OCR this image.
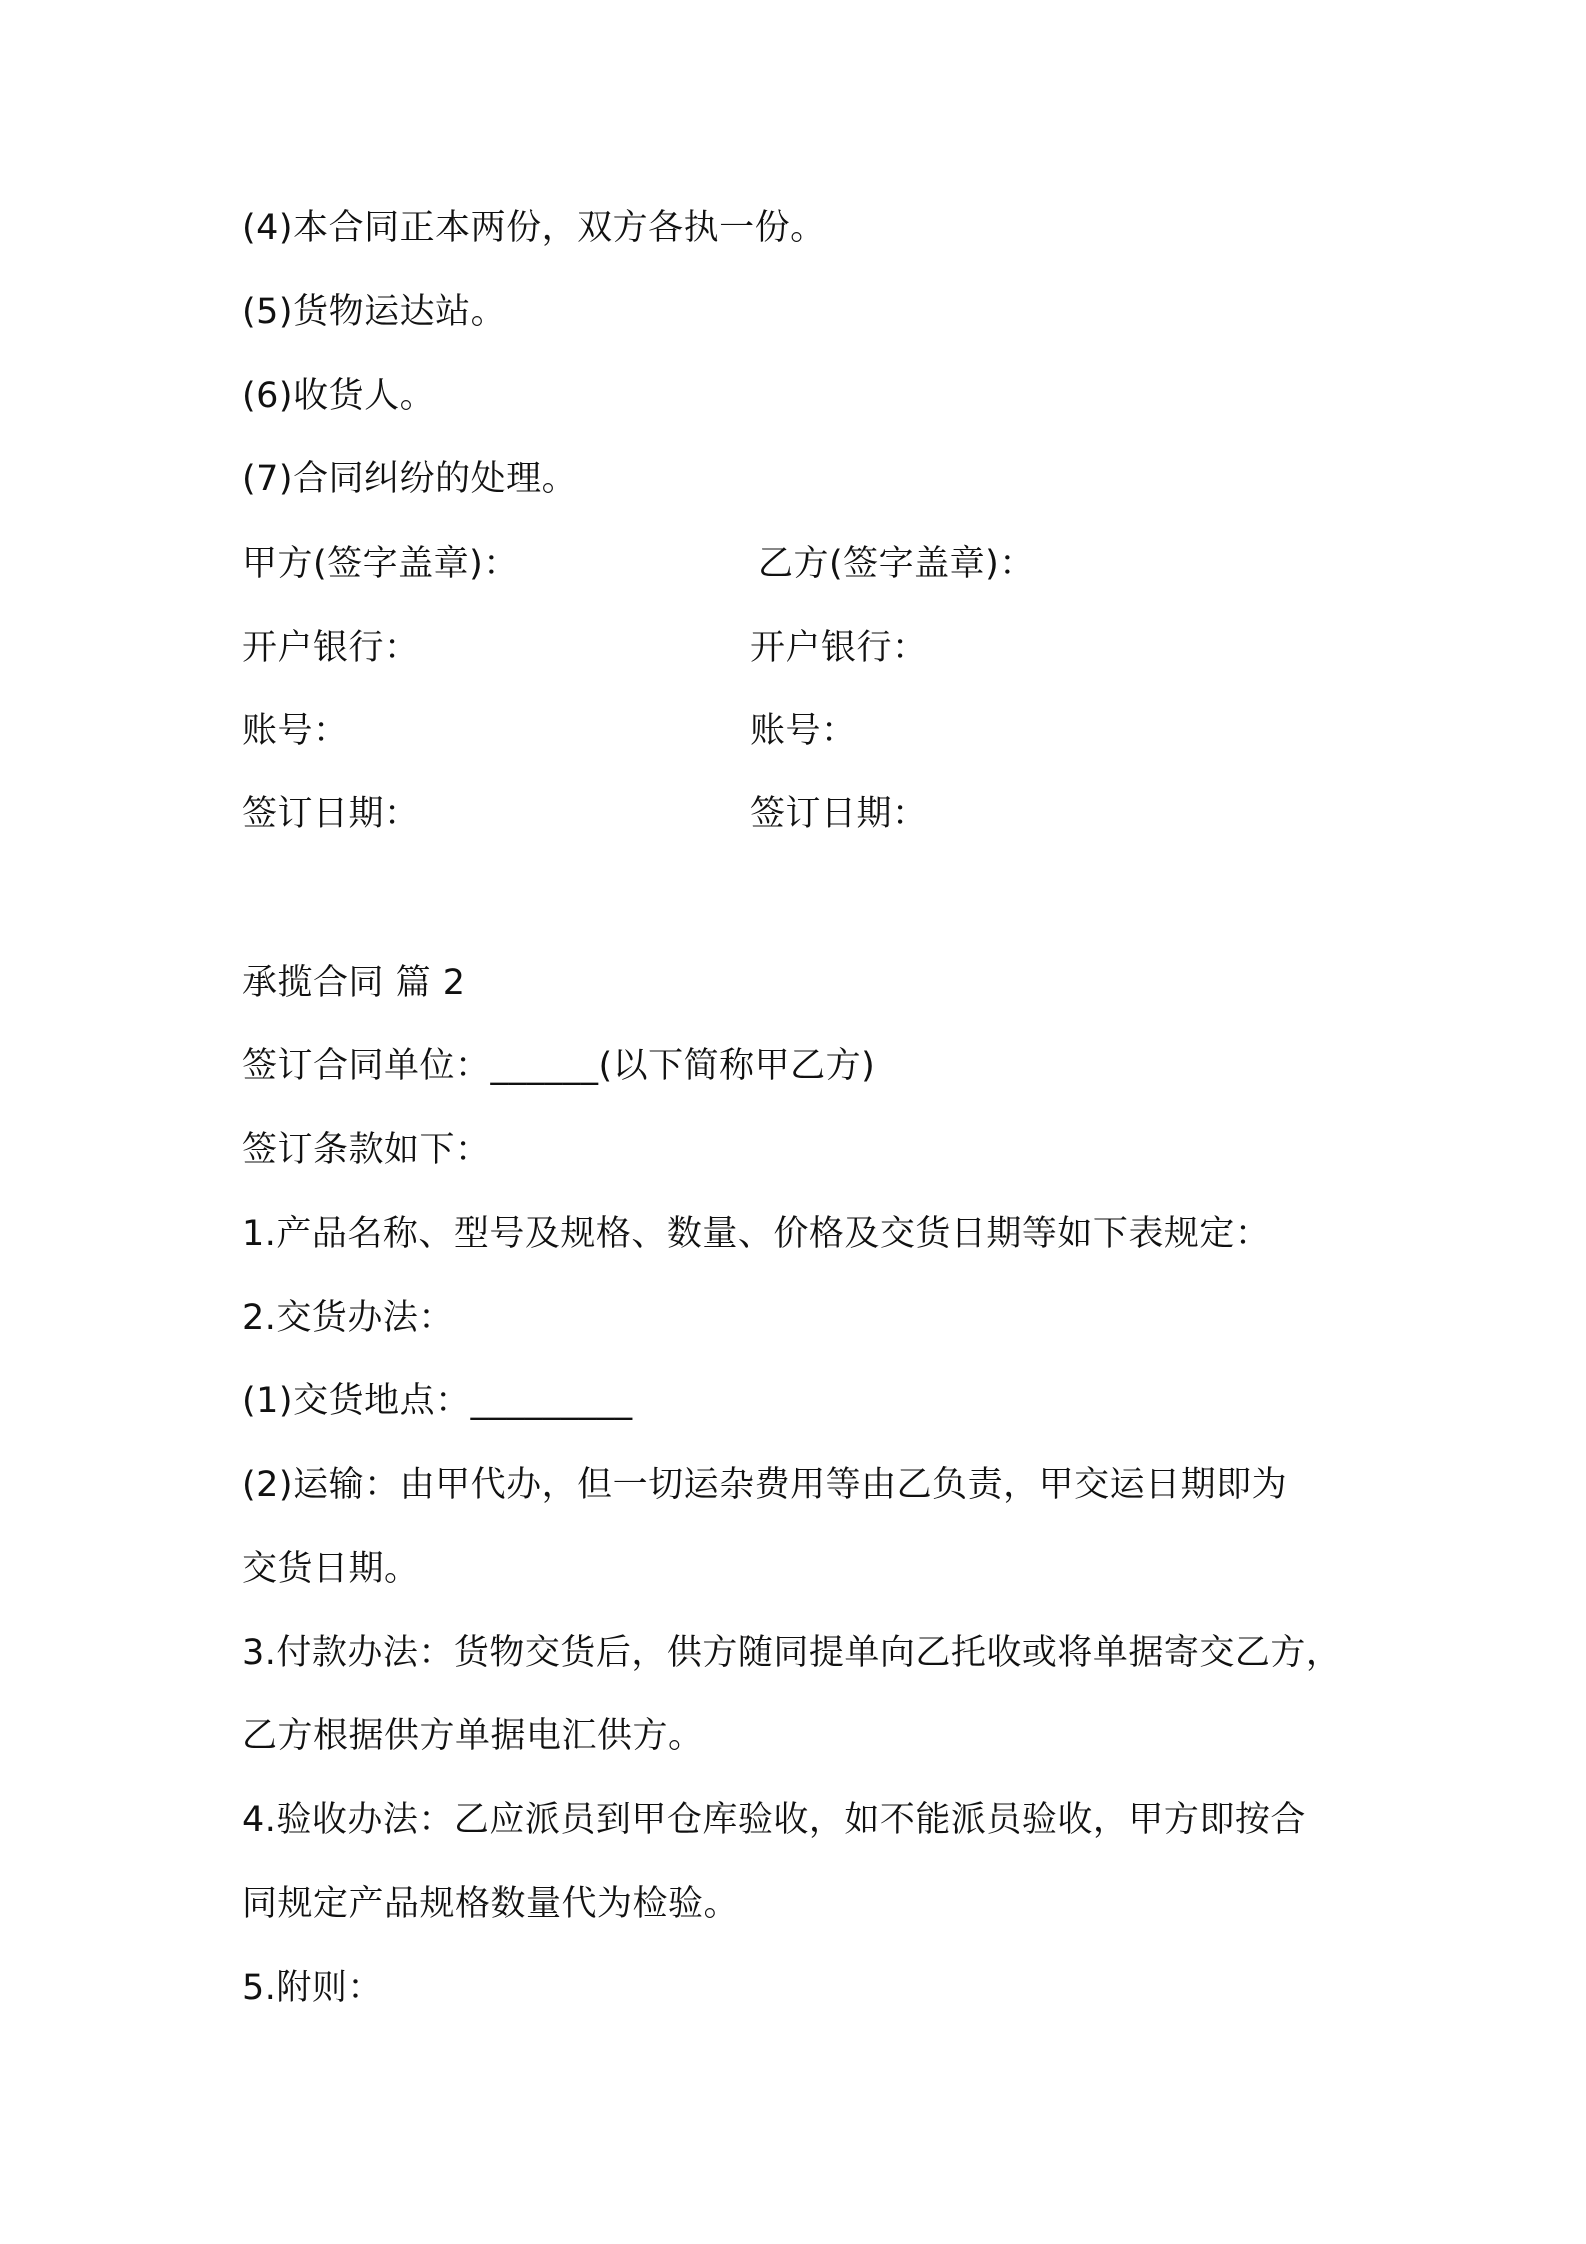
(4)本合同正本两份，双方各执一份。
(5)货物运达站。
(6)收货人。
(7)合同纠纷的处理。
甲方(签字盖章)：	乙方(签字盖章)：
开户银行：	开户银行：
账号：	账号：
签订日期：	签订日期：
承揽合同 篇 2
签订合同单位：______(以下简称甲乙方)
签订条款如下：
1.产品名称、型号及规格、数量、价格及交货日期等如下表规定：
2.交货办法：
(1)交货地点：_________
(2)运输：由甲代办，但一切运杂费用等由乙负责，甲交运日期即为
交货日期。
3.付款办法：货物交货后，供方随同提单向乙托收或将单据寄交乙方，
乙方根据供方单据电汇供方。
4.验收办法：乙应派员到甲仓库验收，如不能派员验收，甲方即按合
同规定产品规格数量代为检验。
5.附则：
